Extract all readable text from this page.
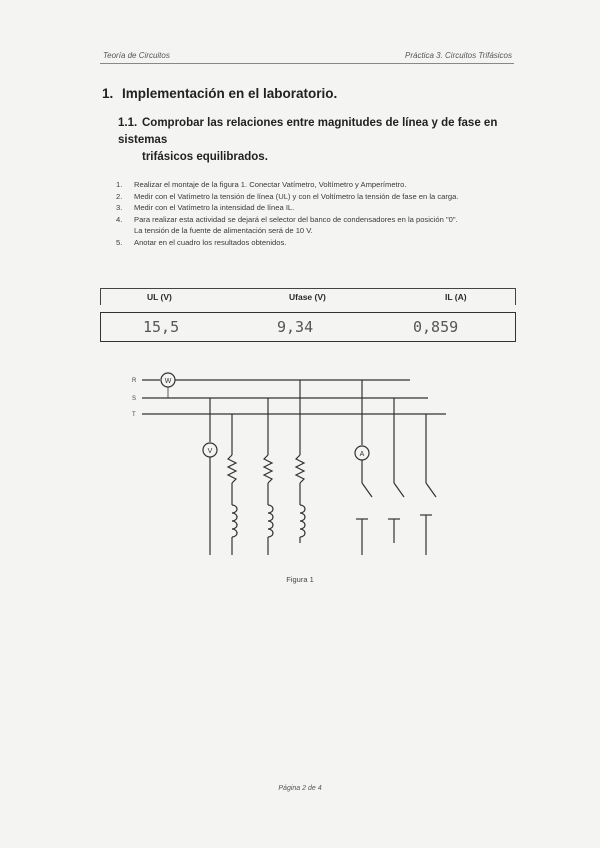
Teoría de Circuitos	Práctica 3. Circuitos Trifásicos
1. Implementación en el laboratorio.
1.1. Comprobar las relaciones entre magnitudes de línea y de fase en sistemas
trifásicos equilibrados.
1. Realizar el montaje de la figura 1. Conectar Vatímetro, Voltímetro y Amperímetro.
2. Medir con el Vatímetro la tensión de línea (UL) y con el Voltímetro la tensión de fase en la carga.
3. Medir con el Vatímetro la intensidad de línea IL.
4. Para realizar esta actividad se dejará el selector del banco de condensadores en la posición "0".
La tensión de la fuente de alimentación será de 10 V.
5. Anotar en el cuadro los resultados obtenidos.
UL (V)	Ufase (V)	IL (A)
15,5	9,34	0,859
R
S
T
W
V	A
Figura 1
Página 2 de 4
